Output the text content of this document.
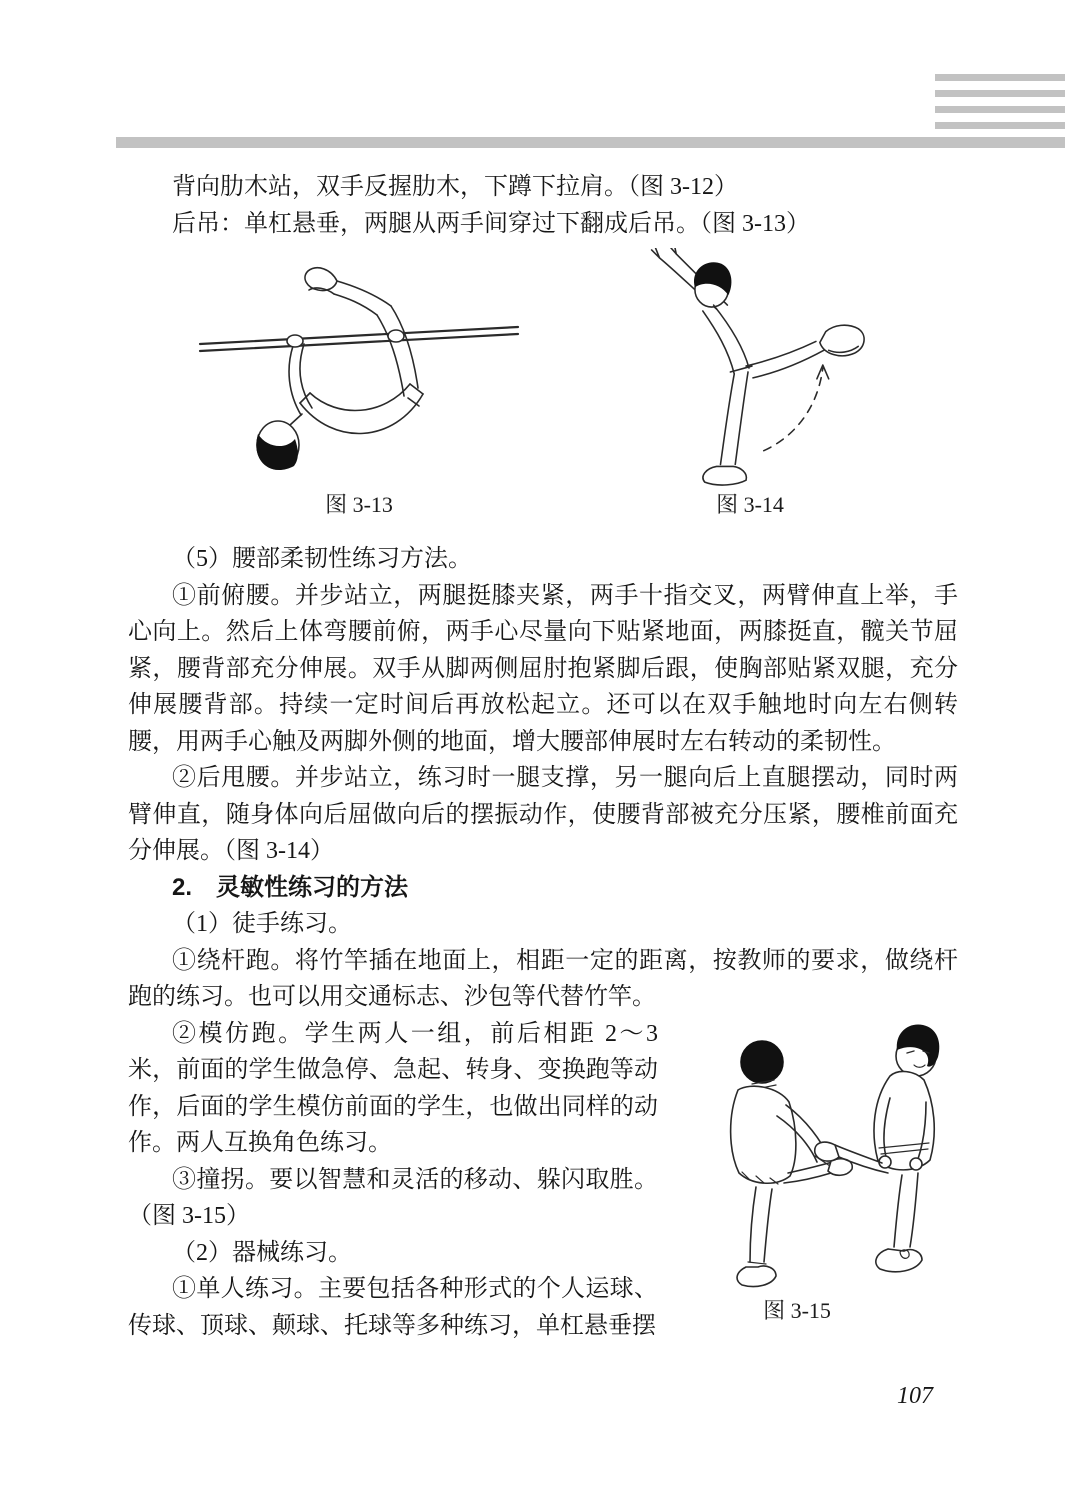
背向肋木站，双手反握肋木，下蹲下拉肩。（图 3-12）

后吊：单杠悬垂，两腿从两手间穿过下翻成后吊。（图 3-13）

图 3-13	图 3-14

（5）腰部柔韧性练习方法。

①前俯腰。并步站立，两腿挺膝夹紧，两手十指交叉，两臂伸直上举，手心向上。然后上体弯腰前俯，两手心尽量向下贴紧地面，两膝挺直，髋关节屈紧，腰背部充分伸展。双手从脚两侧屈肘抱紧脚后跟，使胸部贴紧双腿，充分伸展腰背部。持续一定时间后再放松起立。还可以在双手触地时向左右侧转腰，用两手心触及两脚外侧的地面，增大腰部伸展时左右转动的柔韧性。

②后甩腰。并步站立，练习时一腿支撑，另一腿向后上直腿摆动，同时两臂伸直，随身体向后屈做向后的摆振动作，使腰背部被充分压紧，腰椎前面充分伸展。（图 3-14）

2.　灵敏性练习的方法

（1）徒手练习。

①绕杆跑。将竹竿插在地面上，相距一定的距离，按教师的要求，做绕杆跑的练习。也可以用交通标志、沙包等代替竹竿。

图 3-15

②模仿跑。学生两人一组，前后相距 2～3 米，前面的学生做急停、急起、转身、变换跑等动作，后面的学生模仿前面的学生，也做出同样的动作。两人互换角色练习。

③撞拐。要以智慧和灵活的移动、躲闪取胜。（图 3-15）

（2）器械练习。

①单人练习。主要包括各种形式的个人运球、传球、顶球、颠球、托球等多种练习，单杠悬垂摆

107
